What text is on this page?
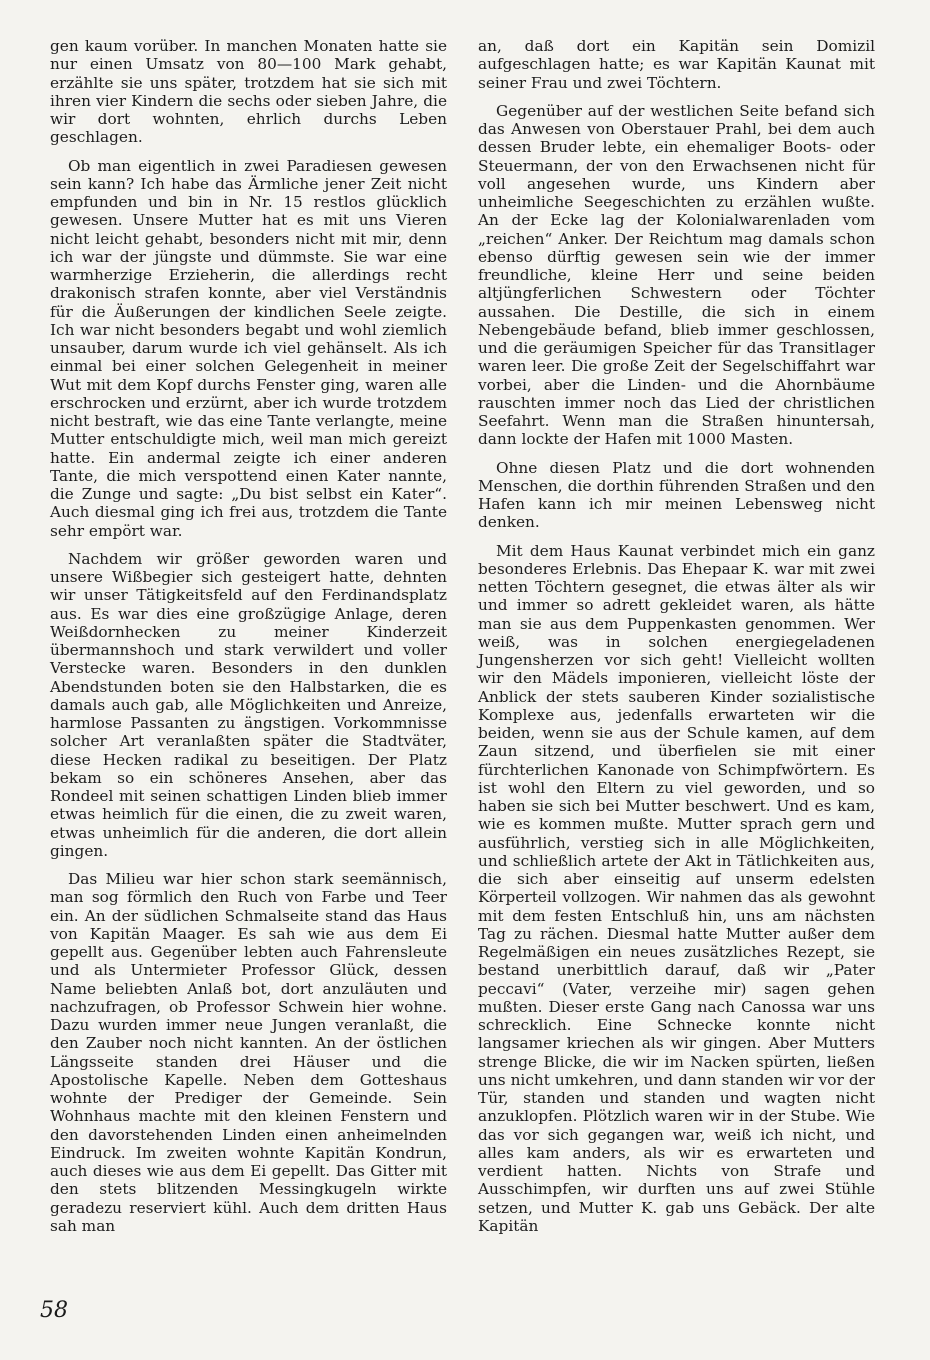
gen kaum vorüber. In manchen Monaten hatte sie nur einen Umsatz von 80—100 Mark gehabt, erzählte sie uns später, trotzdem hat sie sich mit ihren vier Kindern die sechs oder sieben Jahre, die wir dort wohnten, ehrlich durchs Leben geschlagen.

Ob man eigentlich in zwei Paradiesen gewesen sein kann? Ich habe das Ärmliche jener Zeit nicht empfunden und bin in Nr. 15 restlos glücklich gewesen. Unsere Mutter hat es mit uns Vieren nicht leicht gehabt, besonders nicht mit mir, denn ich war der jüngste und dümmste. Sie war eine warmherzige Erzieherin, die allerdings recht drakonisch strafen konnte, aber viel Verständnis für die Äußerungen der kindlichen Seele zeigte. Ich war nicht besonders begabt und wohl ziemlich unsauber, darum wurde ich viel gehänselt. Als ich einmal bei einer solchen Gelegenheit in meiner Wut mit dem Kopf durchs Fenster ging, waren alle erschrocken und erzürnt, aber ich wurde trotzdem nicht bestraft, wie das eine Tante verlangte, meine Mutter entschuldigte mich, weil man mich gereizt hatte. Ein andermal zeigte ich einer anderen Tante, die mich verspottend einen Kater nannte, die Zunge und sagte: „Du bist selbst ein Kater“. Auch diesmal ging ich frei aus, trotzdem die Tante sehr empört war.

Nachdem wir größer geworden waren und unsere Wißbegier sich gesteigert hatte, dehnten wir unser Tätigkeitsfeld auf den Ferdinandsplatz aus. Es war dies eine großzügige Anlage, deren Weißdornhecken zu meiner Kinderzeit übermannshoch und stark verwildert und voller Verstecke waren. Besonders in den dunklen Abendstunden boten sie den Halbstarken, die es damals auch gab, alle Möglichkeiten und Anreize, harmlose Passanten zu ängstigen. Vorkommnisse solcher Art veranlaßten später die Stadtväter, diese Hecken radikal zu beseitigen. Der Platz bekam so ein schöneres Ansehen, aber das Rondeel mit seinen schattigen Linden blieb immer etwas heimlich für die einen, die zu zweit waren, etwas unheimlich für die anderen, die dort allein gingen.

Das Milieu war hier schon stark seemännisch, man sog förmlich den Ruch von Farbe und Teer ein. An der südlichen Schmalseite stand das Haus von Kapitän Maager. Es sah wie aus dem Ei gepellt aus. Gegenüber lebten auch Fahrensleute und als Untermieter Professor Glück, dessen Name beliebten Anlaß bot, dort anzuläuten und nachzufragen, ob Professor Schwein hier wohne. Dazu wurden immer neue Jungen veranlaßt, die den Zauber noch nicht kannten. An der östlichen Längsseite standen drei Häuser und die Apostolische Kapelle. Neben dem Gotteshaus wohnte der Prediger der Gemeinde. Sein Wohnhaus machte mit den kleinen Fenstern und den davorstehenden Linden einen anheimelnden Eindruck. Im zweiten wohnte Kapitän Kondrun, auch dieses wie aus dem Ei gepellt. Das Gitter mit den stets blitzenden Messingkugeln wirkte geradezu reserviert kühl. Auch dem dritten Haus sah man

an, daß dort ein Kapitän sein Domizil aufgeschlagen hatte; es war Kapitän Kaunat mit seiner Frau und zwei Töchtern.

Gegenüber auf der westlichen Seite befand sich das Anwesen von Oberstauer Prahl, bei dem auch dessen Bruder lebte, ein ehemaliger Boots- oder Steuermann, der von den Erwachsenen nicht für voll angesehen wurde, uns Kindern aber unheimliche Seegeschichten zu erzählen wußte. An der Ecke lag der Kolonialwarenladen vom „reichen“ Anker. Der Reichtum mag damals schon ebenso dürftig gewesen sein wie der immer freundliche, kleine Herr und seine beiden altjüngferlichen Schwestern oder Töchter aussahen. Die Destille, die sich in einem Nebengebäude befand, blieb immer geschlossen, und die geräumigen Speicher für das Transitlager waren leer. Die große Zeit der Segelschiffahrt war vorbei, aber die Linden- und die Ahornbäume rauschten immer noch das Lied der christlichen Seefahrt. Wenn man die Straßen hinuntersah, dann lockte der Hafen mit 1000 Masten.

Ohne diesen Platz und die dort wohnenden Menschen, die dorthin führenden Straßen und den Hafen kann ich mir meinen Lebensweg nicht denken.

Mit dem Haus Kaunat verbindet mich ein ganz besonderes Erlebnis. Das Ehepaar K. war mit zwei netten Töchtern gesegnet, die etwas älter als wir und immer so adrett gekleidet waren, als hätte man sie aus dem Puppenkasten genommen. Wer weiß, was in solchen energiegeladenen Jungensherzen vor sich geht! Vielleicht wollten wir den Mädels imponieren, vielleicht löste der Anblick der stets sauberen Kinder sozialistische Komplexe aus, jedenfalls erwarteten wir die beiden, wenn sie aus der Schule kamen, auf dem Zaun sitzend, und überfielen sie mit einer fürchterlichen Kanonade von Schimpfwörtern. Es ist wohl den Eltern zu viel geworden, und so haben sie sich bei Mutter beschwert. Und es kam, wie es kommen mußte. Mutter sprach gern und ausführlich, verstieg sich in alle Möglichkeiten, und schließlich artete der Akt in Tätlichkeiten aus, die sich aber einseitig auf unserm edelsten Körperteil vollzogen. Wir nahmen das als gewohnt mit dem festen Entschluß hin, uns am nächsten Tag zu rächen. Diesmal hatte Mutter außer dem Regelmäßigen ein neues zusätzliches Rezept, sie bestand unerbittlich darauf, daß wir „Pater peccavi“ (Vater, verzeihe mir) sagen gehen mußten. Dieser erste Gang nach Canossa war uns schrecklich. Eine Schnecke konnte nicht langsamer kriechen als wir gingen. Aber Mutters strenge Blicke, die wir im Nacken spürten, ließen uns nicht umkehren, und dann standen wir vor der Tür, standen und standen und wagten nicht anzuklopfen. Plötzlich waren wir in der Stube. Wie das vor sich gegangen war, weiß ich nicht, und alles kam anders, als wir es erwarteten und verdient hatten. Nichts von Strafe und Ausschimpfen, wir durften uns auf zwei Stühle setzen, und Mutter K. gab uns Gebäck. Der alte Kapitän

58
